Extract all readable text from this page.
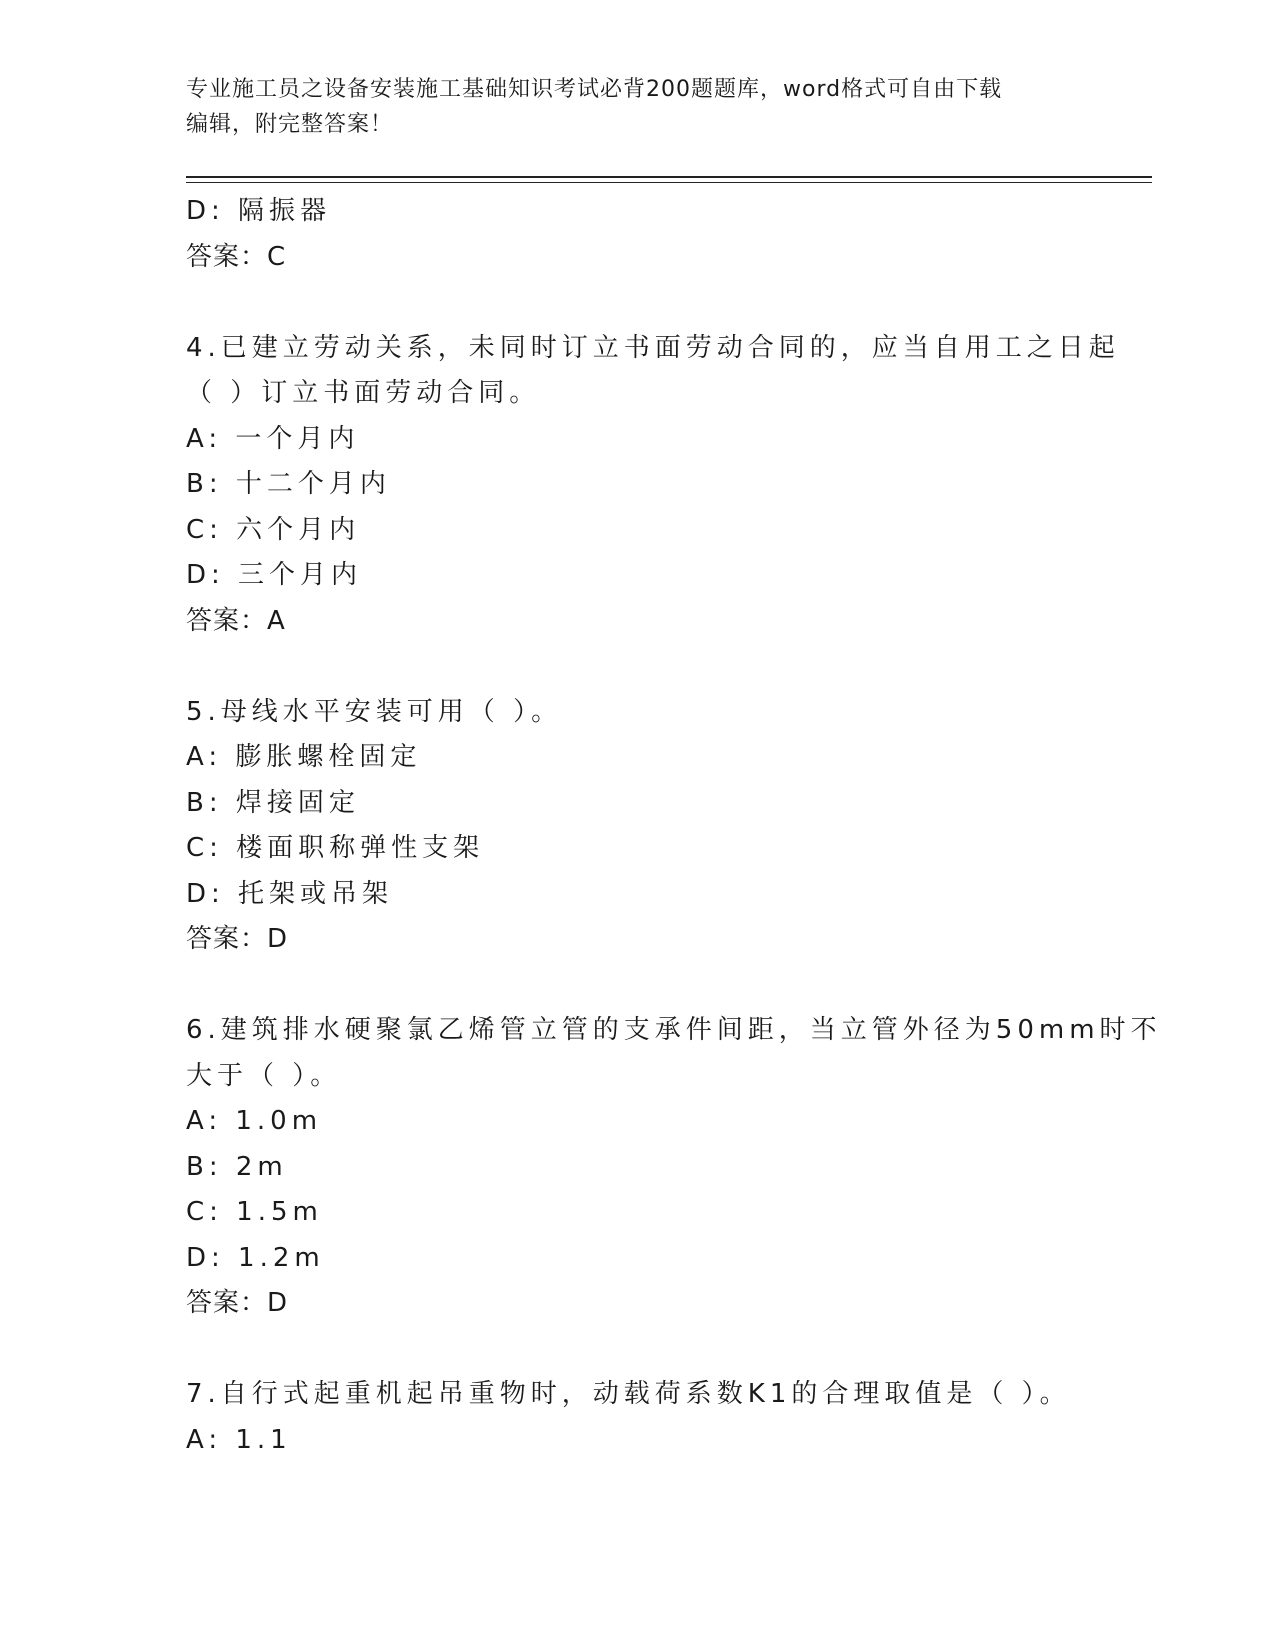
专业施工员之设备安装施工基础知识考试必背200题题库，word格式可自由下载
编辑，附完整答案！
D: 隔振器
答案：C
4.已建立劳动关系，未同时订立书面劳动合同的，应当自用工之日起
（ ）订立书面劳动合同。
A: 一个月内
B: 十二个月内
C: 六个月内
D: 三个月内
答案：A
5.母线水平安装可用（ ）。
A: 膨胀螺栓固定
B: 焊接固定
C: 楼面职称弹性支架
D: 托架或吊架
答案：D
6.建筑排水硬聚氯乙烯管立管的支承件间距，当立管外径为50mm时不
大于（ ）。
A: 1.0m
B: 2m
C: 1.5m
D: 1.2m
答案：D
7.自行式起重机起吊重物时，动载荷系数K1的合理取值是（ ）。
A: 1.1
